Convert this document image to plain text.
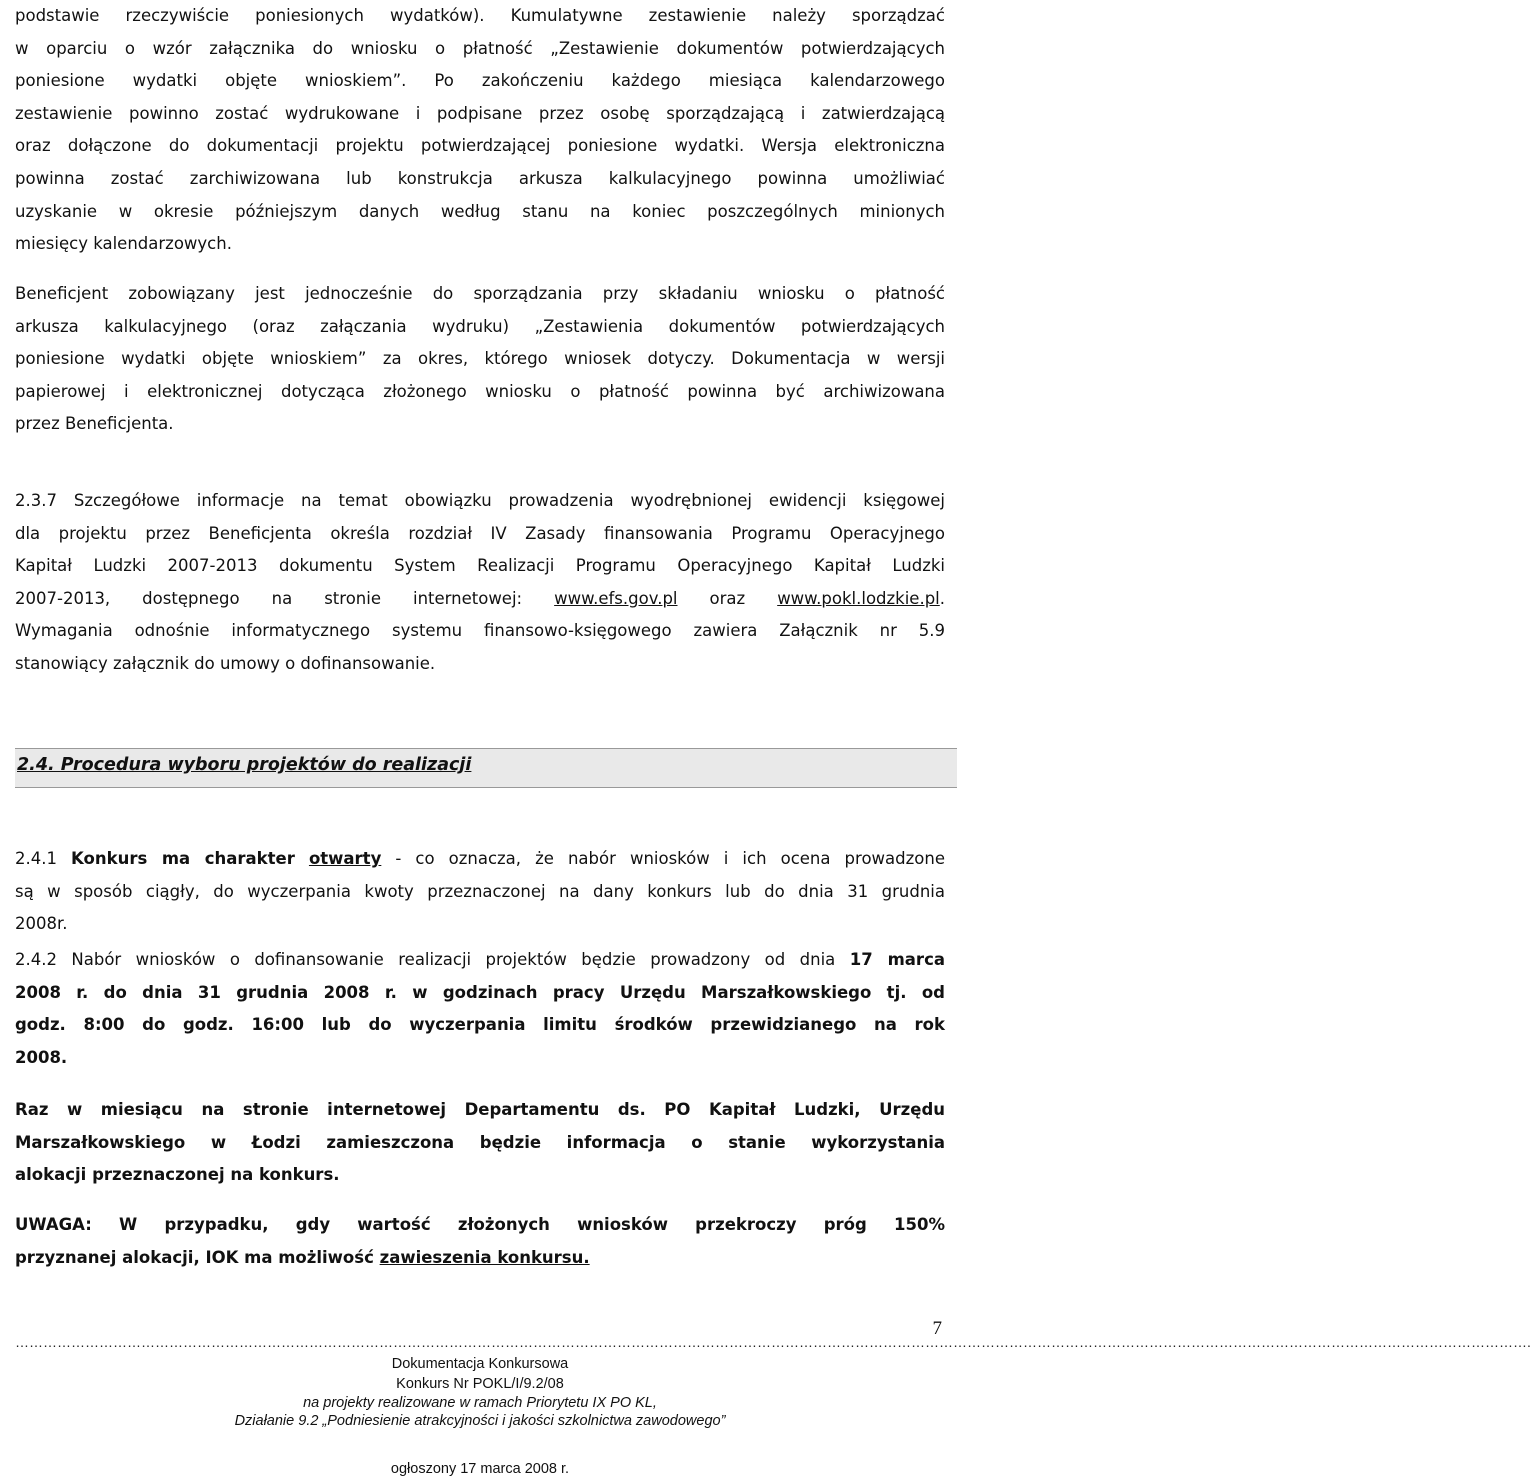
podstawie rzeczywiście poniesionych wydatków). Kumulatywne zestawienie należy sporządzać
w oparciu o wzór załącznika do wniosku o płatność „Zestawienie dokumentów potwierdzających
poniesione wydatki objęte wnioskiem”. Po zakończeniu każdego miesiąca kalendarzowego
zestawienie powinno zostać wydrukowane i podpisane przez osobę sporządzającą i zatwierdzającą
oraz dołączone do dokumentacji projektu potwierdzającej poniesione wydatki. Wersja elektroniczna
powinna zostać zarchiwizowana lub konstrukcja arkusza kalkulacyjnego powinna umożliwiać
uzyskanie w okresie późniejszym danych według stanu na koniec poszczególnych minionych
miesięcy kalendarzowych.
Beneficjent zobowiązany jest jednocześnie do sporządzania przy składaniu wniosku o płatność
arkusza kalkulacyjnego (oraz załączania wydruku) „Zestawienia dokumentów potwierdzających
poniesione wydatki objęte wnioskiem” za okres, którego wniosek dotyczy. Dokumentacja w wersji
papierowej i elektronicznej dotycząca złożonego wniosku o płatność powinna być archiwizowana
przez Beneficjenta.
2.3.7 Szczegółowe informacje na temat obowiązku prowadzenia wyodrębnionej ewidencji księgowej
dla projektu przez Beneficjenta określa rozdział IV Zasady finansowania Programu Operacyjnego
Kapitał Ludzki 2007-2013 dokumentu System Realizacji Programu Operacyjnego Kapitał Ludzki
2007-2013, dostępnego na stronie internetowej: www.efs.gov.pl oraz www.pokl.lodzkie.pl.
Wymagania odnośnie informatycznego systemu finansowo-księgowego zawiera Załącznik nr 5.9
stanowiący załącznik do umowy o dofinansowanie.
2.4. Procedura wyboru projektów do realizacji
2.4.1 Konkurs ma charakter otwarty - co oznacza, że nabór wniosków i ich ocena prowadzone
są w sposób ciągły, do wyczerpania kwoty przeznaczonej na dany konkurs lub do dnia 31 grudnia
2008r.
2.4.2 Nabór wniosków o dofinansowanie realizacji projektów będzie prowadzony od dnia 17 marca
2008 r. do dnia 31 grudnia 2008 r. w godzinach pracy Urzędu Marszałkowskiego tj. od
godz. 8:00 do godz. 16:00 lub do wyczerpania limitu środków przewidzianego na rok
2008.
Raz w miesiącu na stronie internetowej Departamentu ds. PO Kapitał Ludzki, Urzędu
Marszałkowskiego w Łodzi zamieszczona będzie informacja o stanie wykorzystania
alokacji przeznaczonej na konkurs.
UWAGA: W przypadku, gdy wartość złożonych wniosków przekroczy próg 150%
przyznanej alokacji, IOK ma możliwość zawieszenia konkursu.
7
……………………………………………………………………………………………………………………………………………………………………………………………………………………………………………………………………………………………….
Dokumentacja Konkursowa
Konkurs Nr POKL/I/9.2/08
na projekty realizowane w ramach Priorytetu IX PO KL,
Działanie 9.2 „Podniesienie atrakcyjności i jakości szkolnictwa zawodowego”
ogłoszony 17 marca 2008 r.
